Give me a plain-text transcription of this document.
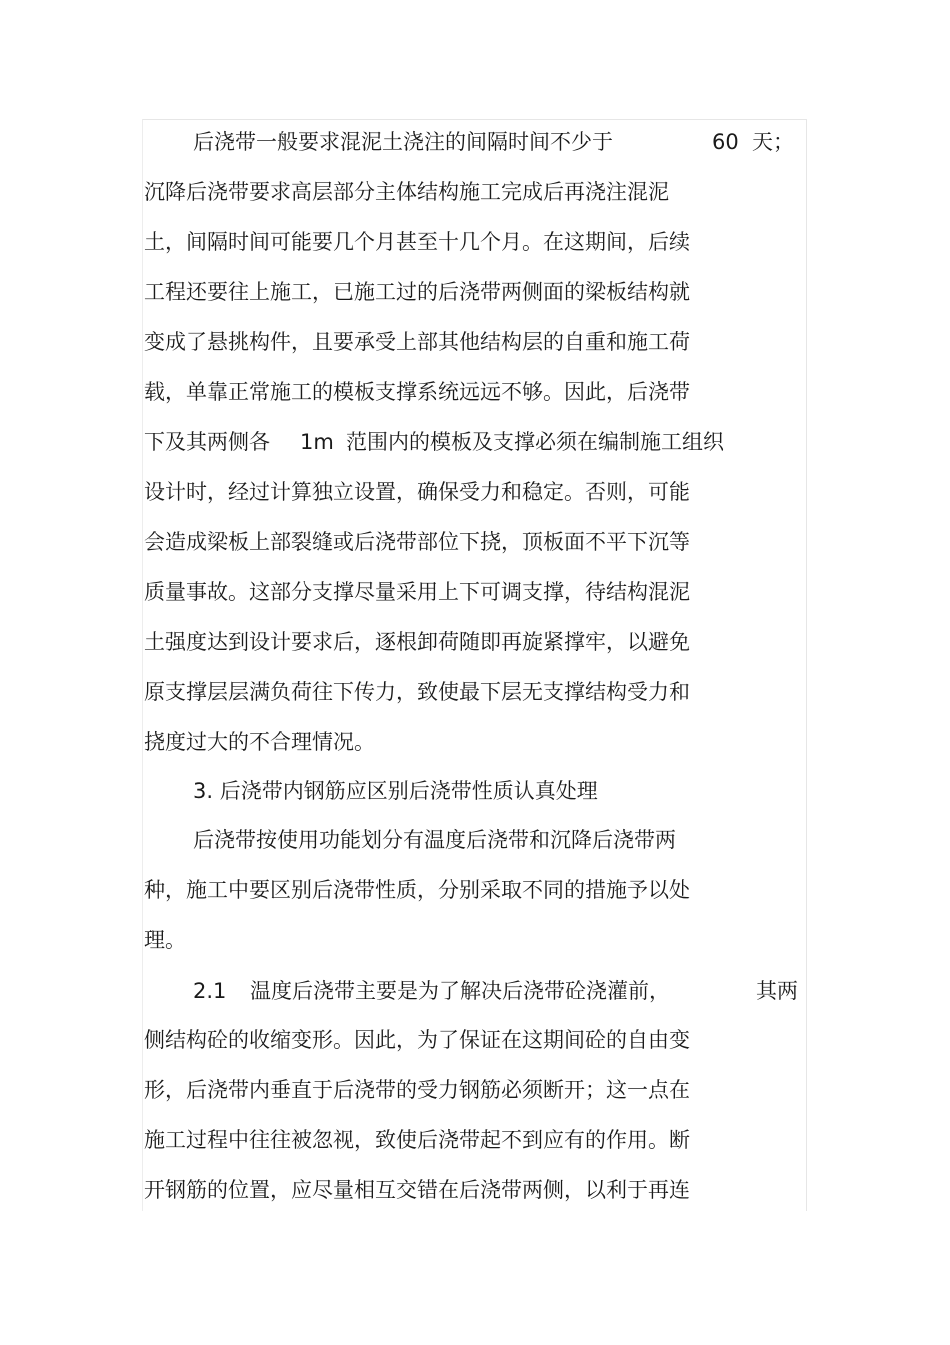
后浇带一般要求混泥土浇注的间隔时间不少于

	60

天；

沉降后浇带要求高层部分主体结构施工完成后再浇注混泥
土，间隔时间可能要几个月甚至十几个月。在这期间，后续
工程还要往上施工，已施工过的后浇带两侧面的梁板结构就
变成了悬挑构件，且要承受上部其他结构层的自重和施工荷
载，单靠正常施工的模板支撑系统远远不够。因此，后浇带

下及其两侧各

1m

范围内的模板及支撑必须在编制施工组织

设计时，经过计算独立设置，确保受力和稳定。否则，可能
会造成梁板上部裂缝或后浇带部位下挠，顶板面不平下沉等
质量事故。这部分支撑尽量采用上下可调支撑，待结构混泥
土强度达到设计要求后，逐根卸荷随即再旋紧撑牢，以避免
原支撑层层满负荷往下传力，致使最下层无支撑结构受力和
挠度过大的不合理情况。
3. 后浇带内钢筋应区别后浇带性质认真处理
后浇带按使用功能划分有温度后浇带和沉降后浇带两
种，施工中要区别后浇带性质，分别采取不同的措施予以处
理。

2.1

温度后浇带主要是为了解决后浇带砼浇灌前，

	其两

侧结构砼的收缩变形。因此，为了保证在这期间砼的自由变
形，后浇带内垂直于后浇带的受力钢筋必须断开；这一点在
施工过程中往往被忽视，致使后浇带起不到应有的作用。断
开钢筋的位置，应尽量相互交错在后浇带两侧，以利于再连
